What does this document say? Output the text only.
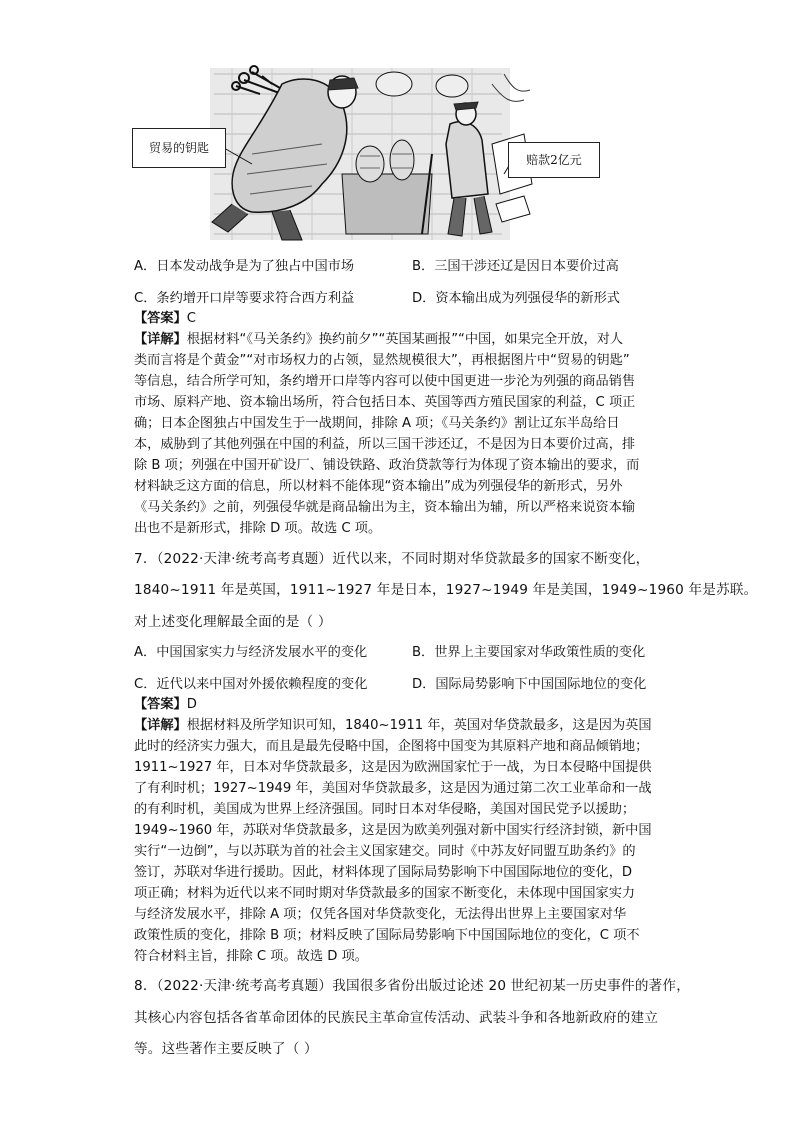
贸易的钥匙
赔款2亿元
A．日本发动战争是为了独占中国市场	B．三国干涉还辽是因日本要价过高
C．条约增开口岸等要求符合西方利益	D．资本输出成为列强侵华的新形式
【答案】C
【详解】根据材料“《马关条约》换约前夕”“英国某画报”“中国，如果完全开放，对人
类而言将是个黄金”“对市场权力的占领，显然规模很大”，再根据图片中“贸易的钥匙”
等信息，结合所学可知，条约增开口岸等内容可以使中国更进一步沦为列强的商品销售
市场、原料产地、资本输出场所，符合包括日本、英国等西方殖民国家的利益，C 项正
确；日本企图独占中国发生于一战期间，排除 A 项；《马关条约》割让辽东半岛给日
本，威胁到了其他列强在中国的利益，所以三国干涉还辽，不是因为日本要价过高，排
除 B 项；列强在中国开矿设厂、铺设铁路、政治贷款等行为体现了资本输出的要求，而
材料缺乏这方面的信息，所以材料不能体现“资本输出”成为列强侵华的新形式，另外
《马关条约》之前，列强侵华就是商品输出为主，资本输出为辅，所以严格来说资本输
出也不是新形式，排除 D 项。故选 C 项。
7．（2022·天津·统考高考真题）近代以来，不同时期对华贷款最多的国家不断变化，
1840~1911 年是英国，1911~1927 年是日本，1927~1949 年是美国，1949~1960 年是苏联。
对上述变化理解最全面的是（ ）
A．中国国家实力与经济发展水平的变化	B．世界上主要国家对华政策性质的变化
C．近代以来中国对外援依赖程度的变化	D．国际局势影响下中国国际地位的变化
【答案】D
【详解】根据材料及所学知识可知，1840~1911 年，英国对华贷款最多，这是因为英国
此时的经济实力强大，而且是最先侵略中国，企图将中国变为其原料产地和商品倾销地；
1911~1927 年，日本对华贷款最多，这是因为欧洲国家忙于一战，为日本侵略中国提供
了有利时机；1927~1949 年，美国对华贷款最多，这是因为通过第二次工业革命和一战
的有利时机，美国成为世界上经济强国。同时日本对华侵略，美国对国民党予以援助；
1949~1960 年，苏联对华贷款最多，这是因为欧美列强对新中国实行经济封锁，新中国
实行“一边倒”，与以苏联为首的社会主义国家建交。同时《中苏友好同盟互助条约》的
签订，苏联对华进行援助。因此，材料体现了国际局势影响下中国国际地位的变化，D
项正确；材料为近代以来不同时期对华贷款最多的国家不断变化，未体现中国国家实力
与经济发展水平，排除 A 项；仅凭各国对华贷款变化，无法得出世界上主要国家对华
政策性质的变化，排除 B 项；材料反映了国际局势影响下中国国际地位的变化，C 项不
符合材料主旨，排除 C 项。故选 D 项。
8．（2022·天津·统考高考真题）我国很多省份出版过论述 20 世纪初某一历史事件的著作，
其核心内容包括各省革命团体的民族民主革命宣传活动、武装斗争和各地新政府的建立
等。这些著作主要反映了（ ）
